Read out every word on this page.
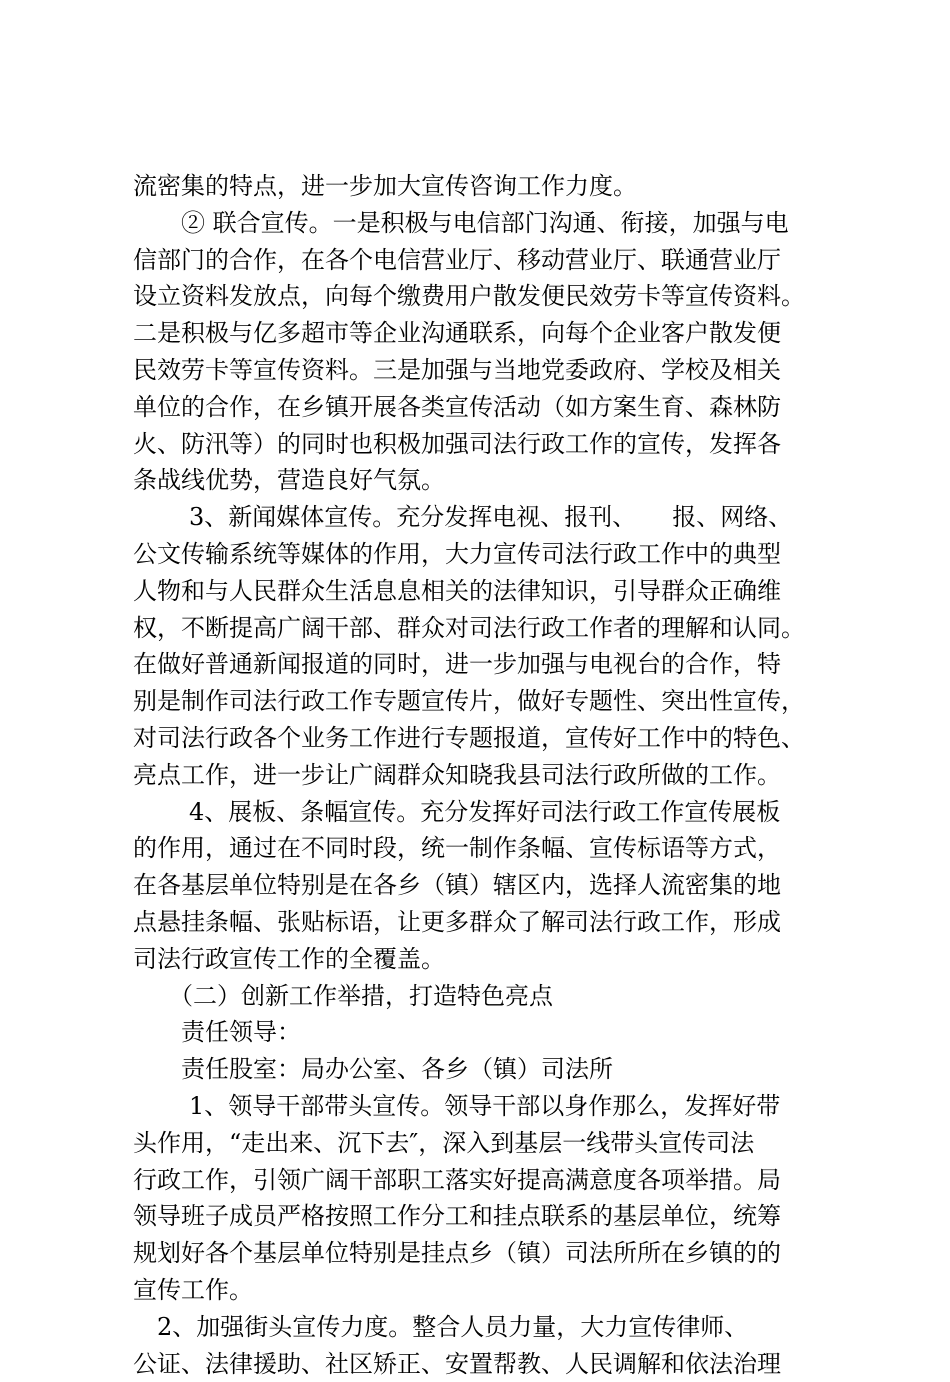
流密集的特点，进一步加大宣传咨询工作力度。
② 联合宣传。一是积极与电信部门沟通、衔接，加强与电
信部门的合作，在各个电信营业厅、移动营业厅、联通营业厅
设立资料发放点，向每个缴费用户散发便民效劳卡等宣传资料。
二是积极与亿多超市等企业沟通联系，向每个企业客户散发便
民效劳卡等宣传资料。三是加强与当地党委政府、学校及相关
单位的合作，在乡镇开展各类宣传活动（如方案生育、森林防
火、防汛等）的同时也积极加强司法行政工作的宣传，发挥各
条战线优势，营造良好气氛。
3、新闻媒体宣传。充分发挥电视、报刊、　　报、网络、
公文传输系统等媒体的作用，大力宣传司法行政工作中的典型
人物和与人民群众生活息息相关的法律知识，引导群众正确维
权，不断提高广阔干部、群众对司法行政工作者的理解和认同。
在做好普通新闻报道的同时，进一步加强与电视台的合作，特
别是制作司法行政工作专题宣传片，做好专题性、突出性宣传，
对司法行政各个业务工作进行专题报道，宣传好工作中的特色、
亮点工作，进一步让广阔群众知晓我县司法行政所做的工作。
4、展板、条幅宣传。充分发挥好司法行政工作宣传展板
的作用，通过在不同时段，统一制作条幅、宣传标语等方式，
在各基层单位特别是在各乡（镇）辖区内，选择人流密集的地
点悬挂条幅、张贴标语，让更多群众了解司法行政工作，形成
司法行政宣传工作的全覆盖。
（二）创新工作举措，打造特色亮点
责任领导：
责任股室：局办公室、各乡（镇）司法所
1、领导干部带头宣传。领导干部以身作那么，发挥好带
头作用，“走出来、沉下去″，深入到基层一线带头宣传司法
行政工作，引领广阔干部职工落实好提高满意度各项举措。局
领导班子成员严格按照工作分工和挂点联系的基层单位，统筹
规划好各个基层单位特别是挂点乡（镇）司法所所在乡镇的的
宣传工作。
2、加强街头宣传力度。整合人员力量，大力宣传律师、
公证、法律援助、社区矫正、安置帮教、人民调解和依法治理
